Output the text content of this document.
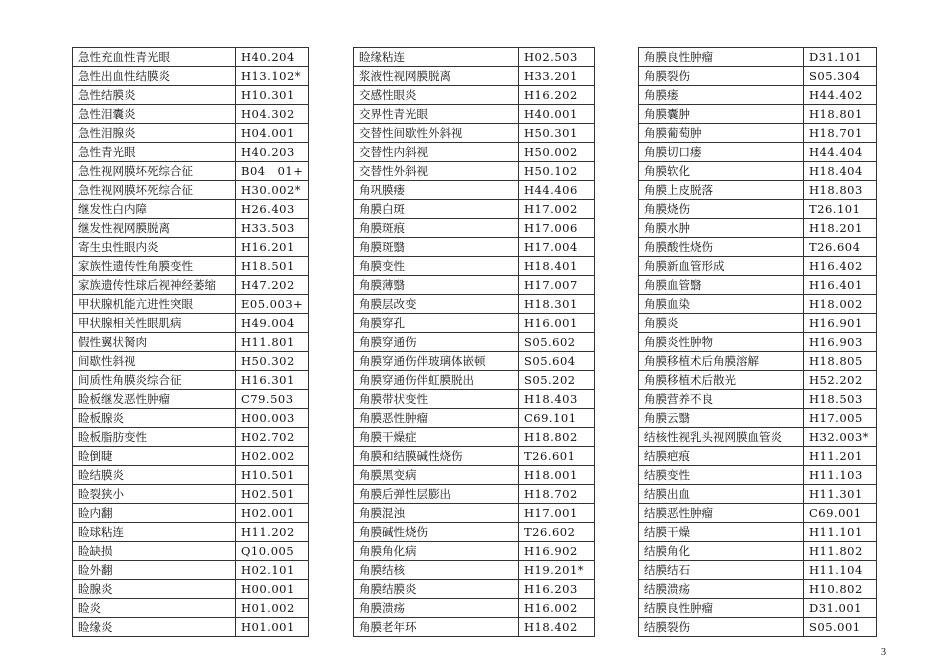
急性充血性青光眼	H40.204
急性出血性结膜炎	H13.102*
急性结膜炎	H10.301
急性泪囊炎	H04.302
急性泪腺炎	H04.001
急性青光眼	H40.203
急性视网膜坏死综合征	B04　01+
急性视网膜坏死综合征	H30.002*
继发性白内障	H26.403
继发性视网膜脱离	H33.503
寄生虫性眼内炎	H16.201
家族性遗传性角膜变性	H18.501
家族遗传性球后视神经萎缩	H47.202
甲状腺机能亢进性突眼	E05.003+
甲状腺相关性眼肌病	H49.004
假性翼状胬肉	H11.801
间歇性斜视	H50.302
间质性角膜炎综合征	H16.301
睑板继发恶性肿瘤	C79.503
睑板腺炎	H00.003
睑板脂肪变性	H02.702
睑倒睫	H02.002
睑结膜炎	H10.501
睑裂狭小	H02.501
睑内翻	H02.001
睑球粘连	H11.202
睑缺损	Q10.005
睑外翻	H02.101
睑腺炎	H00.001
睑炎	H01.002
睑缘炎	H01.001
睑缘粘连	H02.503
浆液性视网膜脱离	H33.201
交感性眼炎	H16.202
交界性青光眼	H40.001
交替性间歇性外斜视	H50.301
交替性内斜视	H50.002
交替性外斜视	H50.102
角巩膜瘘	H44.406
角膜白斑	H17.002
角膜斑痕	H17.006
角膜斑翳	H17.004
角膜变性	H18.401
角膜薄翳	H17.007
角膜层改变	H18.301
角膜穿孔	H16.001
角膜穿通伤	S05.602
角膜穿通伤伴玻璃体嵌顿	S05.604
角膜穿通伤伴虹膜脱出	S05.202
角膜带状变性	H18.403
角膜恶性肿瘤	C69.101
角膜干燥症	H18.802
角膜和结膜碱性烧伤	T26.601
角膜黑变病	H18.001
角膜后弹性层膨出	H18.702
角膜混浊	H17.001
角膜碱性烧伤	T26.602
角膜角化病	H16.902
角膜结核	H19.201*
角膜结膜炎	H16.203
角膜溃疡	H16.002
角膜老年环	H18.402
角膜良性肿瘤	D31.101
角膜裂伤	S05.304
角膜瘘	H44.402
角膜囊肿	H18.801
角膜葡萄肿	H18.701
角膜切口瘘	H44.404
角膜软化	H18.404
角膜上皮脱落	H18.803
角膜烧伤	T26.101
角膜水肿	H18.201
角膜酸性烧伤	T26.604
角膜新血管形成	H16.402
角膜血管翳	H16.401
角膜血染	H18.002
角膜炎	H16.901
角膜炎性肿物	H16.903
角膜移植术后角膜溶解	H18.805
角膜移植术后散光	H52.202
角膜营养不良	H18.503
角膜云翳	H17.005
结核性视乳头视网膜血管炎	H32.003*
结膜疤痕	H11.201
结膜变性	H11.103
结膜出血	H11.301
结膜恶性肿瘤	C69.001
结膜干燥	H11.101
结膜角化	H11.802
结膜结石	H11.104
结膜溃疡	H10.802
结膜良性肿瘤	D31.001
结膜裂伤	S05.001
3
